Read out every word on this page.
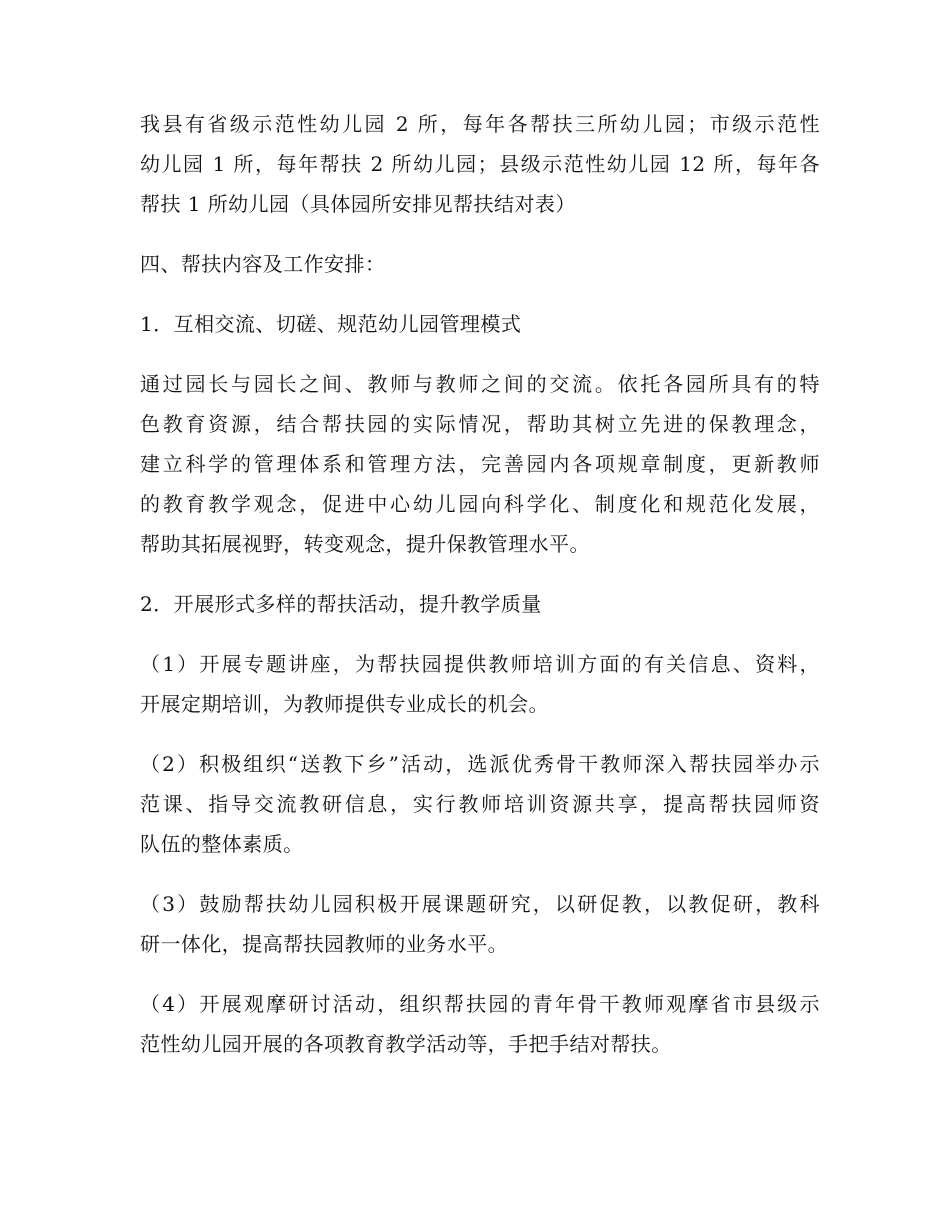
我县有省级示范性幼儿园 2 所，每年各帮扶三所幼儿园；市级示范性

幼儿园 1 所，每年帮扶 2 所幼儿园；县级示范性幼儿园 12 所，每年各

帮扶 1 所幼儿园（具体园所安排见帮扶结对表）

四、帮扶内容及工作安排：

1．互相交流、切磋、规范幼儿园管理模式

通过园长与园长之间、教师与教师之间的交流。依托各园所具有的特

色教育资源，结合帮扶园的实际情况，帮助其树立先进的保教理念，

建立科学的管理体系和管理方法，完善园内各项规章制度，更新教师

的教育教学观念，促进中心幼儿园向科学化、制度化和规范化发展，

帮助其拓展视野，转变观念，提升保教管理水平。

2．开展形式多样的帮扶活动，提升教学质量

（1）开展专题讲座，为帮扶园提供教师培训方面的有关信息、资料，

开展定期培训，为教师提供专业成长的机会。

（2）积极组织“送教下乡”活动，选派优秀骨干教师深入帮扶园举办示

范课、指导交流教研信息，实行教师培训资源共享，提高帮扶园师资

队伍的整体素质。

（3）鼓励帮扶幼儿园积极开展课题研究，以研促教，以教促研，教科

研一体化，提高帮扶园教师的业务水平。

（4）开展观摩研讨活动，组织帮扶园的青年骨干教师观摩省市县级示

范性幼儿园开展的各项教育教学活动等，手把手结对帮扶。
